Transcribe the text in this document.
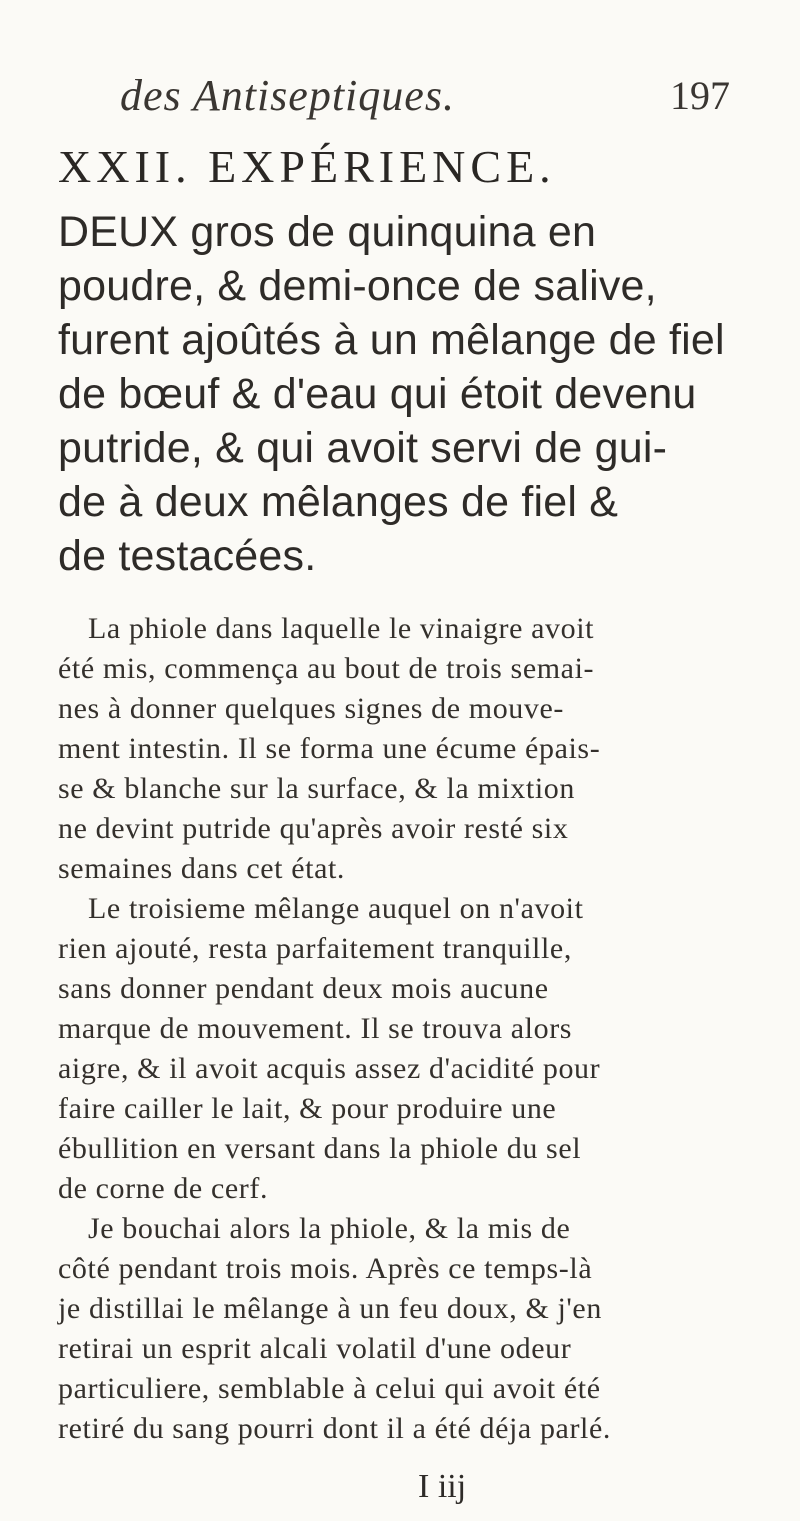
des Antiseptiques.	197
XXII. EXPÉRIENCE.
DEUX gros de quinquina en
poudre, & demi-once de salive,
furent ajoûtés à un mêlange de fiel
de bœuf & d'eau qui étoit devenu
putride, & qui avoit servi de gui-
de à deux mêlanges de fiel &
de testacées.
La phiole dans laquelle le vinaigre avoit
été mis, commença au bout de trois semai-
nes à donner quelques signes de mouve-
ment intestin. Il se forma une écume épais-
se & blanche sur la surface, & la mixtion
ne devint putride qu'après avoir resté six
semaines dans cet état.
Le troisieme mêlange auquel on n'avoit
rien ajouté, resta parfaitement tranquille,
sans donner pendant deux mois aucune
marque de mouvement. Il se trouva alors
aigre, & il avoit acquis assez d'acidité pour
faire cailler le lait, & pour produire une
ébullition en versant dans la phiole du sel
de corne de cerf.
Je bouchai alors la phiole, & la mis de
côté pendant trois mois. Après ce temps-là
je distillai le mêlange à un feu doux, & j'en
retirai un esprit alcali volatil d'une odeur
particuliere, semblable à celui qui avoit été
retiré du sang pourri dont il a été déja parlé.
I iij
